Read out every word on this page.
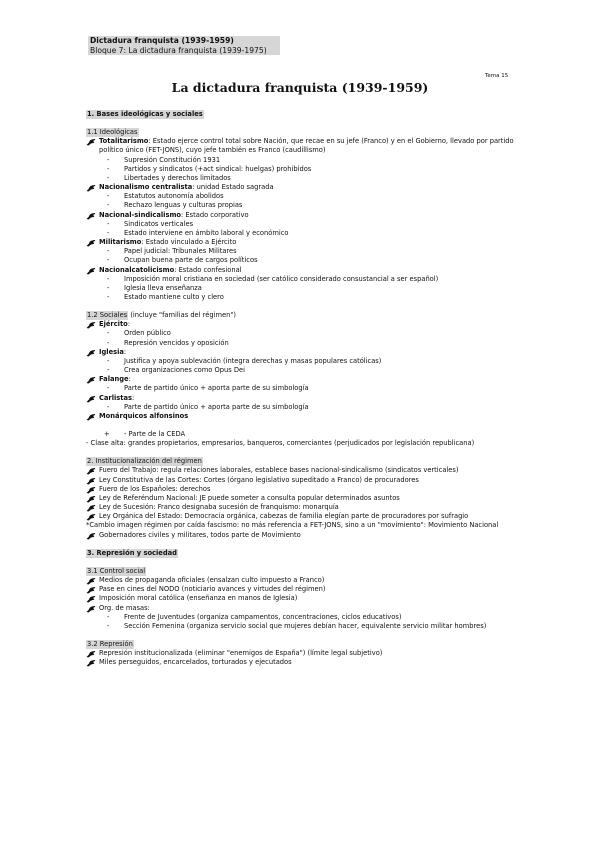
Dictadura franquista (1939-1959)
Bloque 7: La dictadura franquista (1939-1975)
Tema 15
La dictadura franquista (1939-1959)
1. Bases ideológicas y sociales
1.1 Ideológicas
Totalitarismo: Estado ejerce control total sobre Nación, que recae en su jefe (Franco) y en el Gobierno, llevado por partido político único (FET-JONS), cuyo jefe también es Franco (caudillismo)
- Supresión Constitución 1931
- Partidos y sindicatos (+act sindical: huelgas) prohibidos
- Libertades y derechos limitados
Nacionalismo centralista: unidad Estado sagrada
- Estatutos autonomía abolidos
- Rechazo lenguas y culturas propias
Nacional-sindicalismo: Estado corporativo
- Sindicatos verticales
- Estado interviene en ámbito laboral y económico
Militarismo: Estado vinculado a Ejército
- Papel judicial: Tribunales Militares
- Ocupan buena parte de cargos políticos
Nacionalcatolicismo: Estado confesional
- Imposición moral cristiana en sociedad (ser católico considerado consustancial a ser español)
- Iglesia lleva enseñanza
- Estado mantiene culto y clero
1.2 Sociales (incluye "familias del régimen")
Ejército:
- Orden público
- Represión vencidos y oposición
Iglesia:
- Justifica y apoya sublevación (integra derechas y masas populares católicas)
- Crea organizaciones como Opus Dei
Falange:
- Parte de partido único + aporta parte de su simbología
Carlistas:
- Parte de partido único + aporta parte de su simbología
Monárquicos alfonsinos
+ - Parte de la CEDA
- Clase alta: grandes propietarios, empresarios, banqueros, comerciantes (perjudicados por legislación republicana)
2. Institucionalización del régimen
Fuero del Trabajo: regula relaciones laborales, establece bases nacional-sindicalismo (sindicatos verticales)
Ley Constitutiva de las Cortes: Cortes (órgano legislativo supeditado a Franco) de procuradores
Fuero de los Españoles: derechos
Ley de Referéndum Nacional: JE puede someter a consulta popular determinados asuntos
Ley de Sucesión: Franco designaba sucesión de franquismo: monarquía
Ley Orgánica del Estado: Democracia orgánica, cabezas de familia elegían parte de procuradores por sufragio
*Cambio imagen régimen por caída fascismo: no más referencia a FET-JONS, sino a un "movimiento": Movimiento Nacional
Gobernadores civiles y militares, todos parte de Movimiento
3. Represión y sociedad
3.1 Control social
Medios de propaganda oficiales (ensalzan culto impuesto a Franco)
Pase en cines del NODO (noticiario avances y virtudes del régimen)
Imposición moral católica (enseñanza en manos de Iglesia)
Org. de masas:
- Frente de Juventudes (organiza campamentos, concentraciones, ciclos educativos)
- Sección Femenina (organiza servicio social que mujeres debían hacer, equivalente servicio militar hombres)
3.2 Represión
Represión institucionalizada (eliminar "enemigos de España") (límite legal subjetivo)
Miles perseguidos, encarcelados, torturados y ejecutados
